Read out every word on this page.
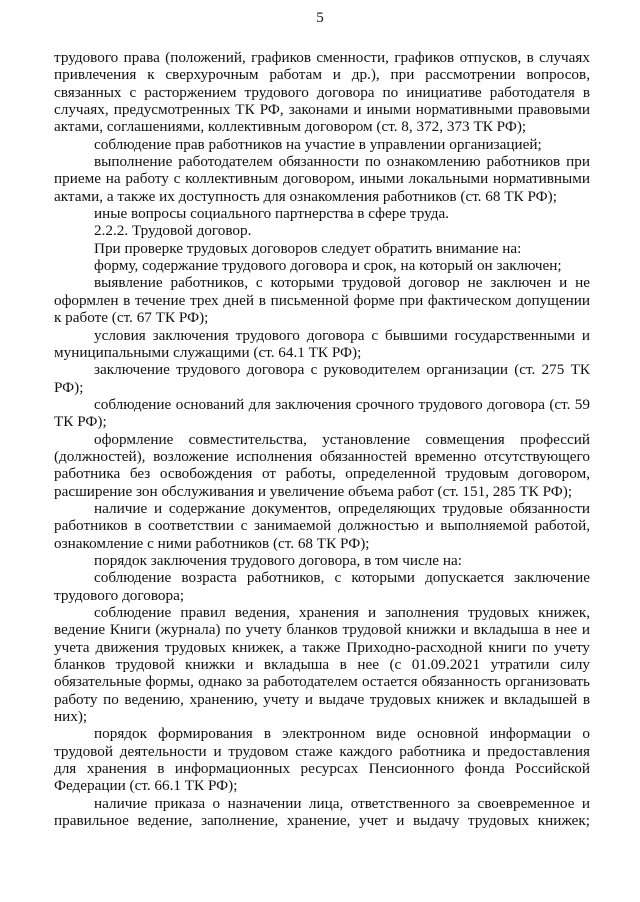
5

трудового права (положений, графиков сменности, графиков отпусков, в случаях привлечения к сверхурочным работам и др.), при рассмотрении вопросов, связанных с расторжением трудового договора по инициативе работодателя в случаях, предусмотренных ТК РФ, законами и иными нормативными правовыми актами, соглашениями, коллективным договором (ст. 8, 372, 373 ТК РФ);

соблюдение прав работников на участие в управлении организацией;

выполнение работодателем обязанности по ознакомлению работников при приеме на работу с коллективным договором, иными локальными нормативными актами, а также их доступность для ознакомления работников (ст. 68 ТК РФ);

иные вопросы социального партнерства в сфере труда.

2.2.2. Трудовой договор.

При проверке трудовых договоров следует обратить внимание на:

форму, содержание трудового договора и срок, на который он заключен;

выявление работников, с которыми трудовой договор не заключен и не оформлен в течение трех дней в письменной форме при фактическом допущении к работе (ст. 67 ТК РФ);

условия заключения трудового договора с бывшими государственными и муниципальными служащими (ст. 64.1 ТК РФ);

заключение трудового договора с руководителем организации (ст. 275 ТК РФ);

соблюдение оснований для заключения срочного трудового договора (ст. 59 ТК РФ);

оформление совместительства, установление совмещения профессий (должностей), возложение исполнения обязанностей временно отсутствующего работника без освобождения от работы, определенной трудовым договором, расширение зон обслуживания и увеличение объема работ (ст. 151, 285 ТК РФ);

наличие и содержание документов, определяющих трудовые обязанности работников в соответствии с занимаемой должностью и выполняемой работой, ознакомление с ними работников (ст. 68 ТК РФ);

порядок заключения трудового договора, в том числе на:

соблюдение возраста работников, с которыми допускается заключение трудового договора;

соблюдение правил ведения, хранения и заполнения трудовых книжек, ведение Книги (журнала) по учету бланков трудовой книжки и вкладыша в нее и учета движения трудовых книжек, а также Приходно-расходной книги по учету бланков трудовой книжки и вкладыша в нее (с 01.09.2021 утратили силу обязательные формы, однако за работодателем остается обязанность организовать работу по ведению, хранению, учету и выдаче трудовых книжек и вкладышей в них);

порядок формирования в электронном виде основной информации о трудовой деятельности и трудовом стаже каждого работника и предоставления для хранения в информационных ресурсах Пенсионного фонда Российской Федерации (ст. 66.1 ТК РФ);

наличие приказа о назначении лица, ответственного за своевременное и правильное ведение, заполнение, хранение, учет и выдачу трудовых книжек;
